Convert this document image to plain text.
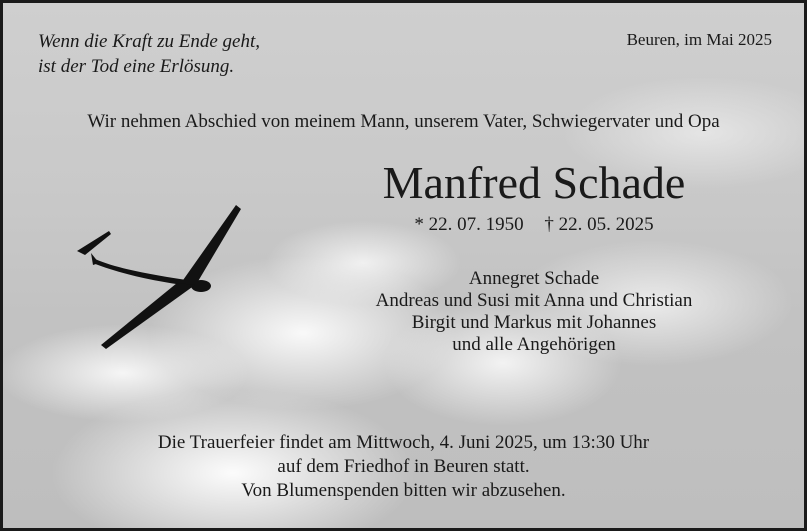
Wenn die Kraft zu Ende geht,
ist der Tod eine Erlösung.
Beuren, im Mai 2025
Wir nehmen Abschied von meinem Mann, unserem Vater, Schwiegervater und Opa
Manfred Schade
* 22. 07. 1950 † 22. 05. 2025
Annegret Schade
Andreas und Susi mit Anna und Christian
Birgit und Markus mit Johannes
und alle Angehörigen
Die Trauerfeier findet am Mittwoch, 4. Juni 2025, um 13:30 Uhr
auf dem Friedhof in Beuren statt.
Von Blumenspenden bitten wir abzusehen.
